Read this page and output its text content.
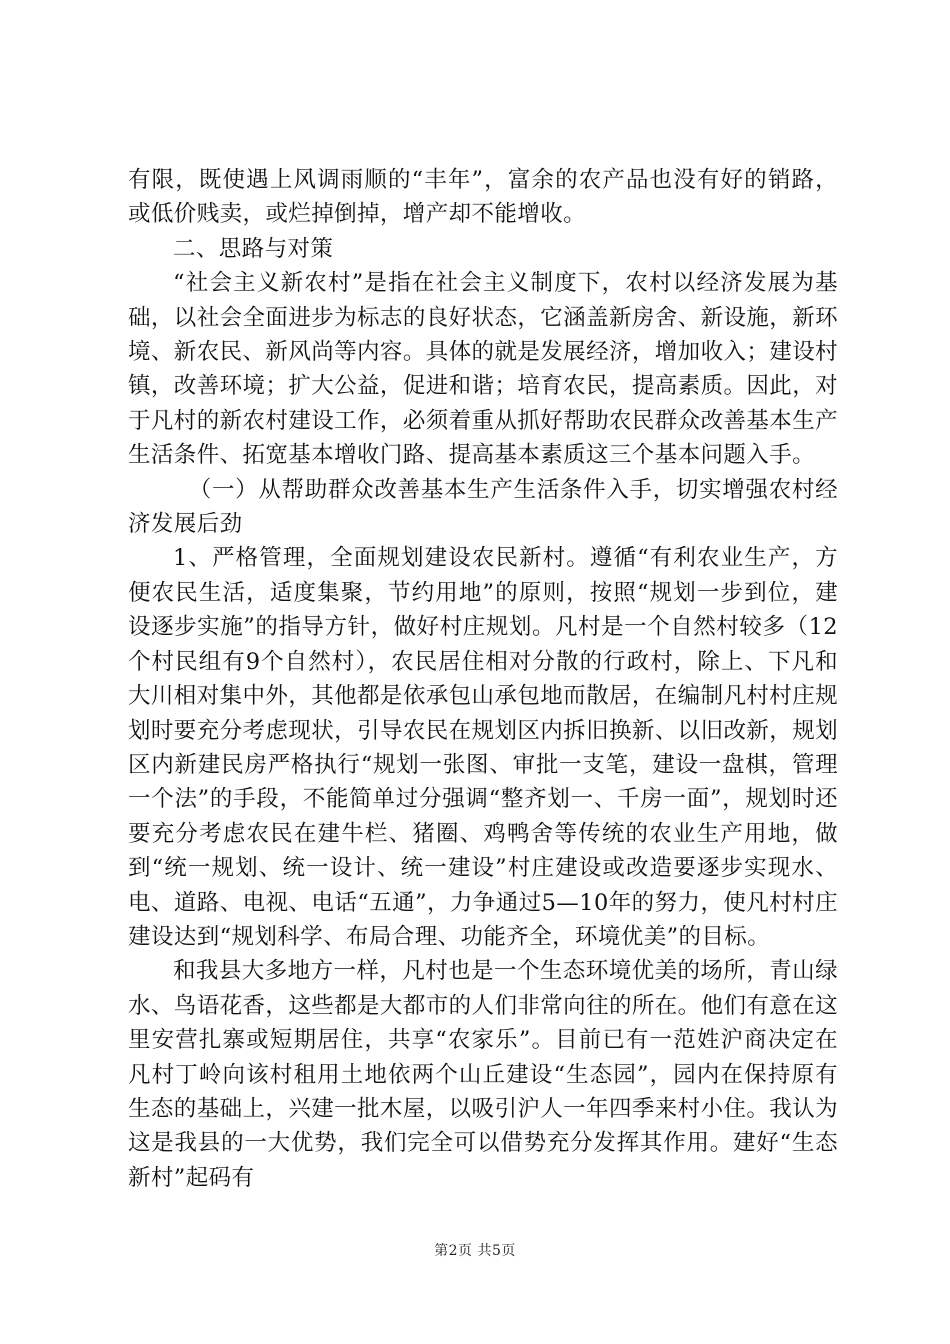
有限，既使遇上风调雨顺的“丰年”，富余的农产品也没有好的销路，或低价贱卖，或烂掉倒掉，增产却不能增收。

二、思路与对策

“社会主义新农村”是指在社会主义制度下，农村以经济发展为基础，以社会全面进步为标志的良好状态，它涵盖新房舍、新设施，新环境、新农民、新风尚等内容。具体的就是发展经济，增加收入；建设村镇，改善环境；扩大公益，促进和谐；培育农民，提高素质。因此，对于凡村的新农村建设工作，必须着重从抓好帮助农民群众改善基本生产生活条件、拓宽基本增收门路、提高基本素质这三个基本问题入手。

（一）从帮助群众改善基本生产生活条件入手，切实增强农村经济发展后劲

1、严格管理，全面规划建设农民新村。遵循“有利农业生产，方便农民生活，适度集聚，节约用地”的原则，按照“规划一步到位，建设逐步实施”的指导方针，做好村庄规划。凡村是一个自然村较多（12个村民组有9个自然村），农民居住相对分散的行政村，除上、下凡和大川相对集中外，其他都是依承包山承包地而散居，在编制凡村村庄规划时要充分考虑现状，引导农民在规划区内拆旧换新、以旧改新，规划区内新建民房严格执行“规划一张图、审批一支笔，建设一盘棋，管理一个法”的手段，不能简单过分强调“整齐划一、千房一面”，规划时还要充分考虑农民在建牛栏、猪圈、鸡鸭舍等传统的农业生产用地，做到“统一规划、统一设计、统一建设”村庄建设或改造要逐步实现水、电、道路、电视、电话“五通”，力争通过5—10年的努力，使凡村村庄建设达到“规划科学、布局合理、功能齐全，环境优美”的目标。

和我县大多地方一样，凡村也是一个生态环境优美的场所，青山绿水、鸟语花香，这些都是大都市的人们非常向往的所在。他们有意在这里安营扎寨或短期居住，共享“农家乐”。目前已有一范姓沪商决定在凡村丁岭向该村租用土地依两个山丘建设“生态园”，园内在保持原有生态的基础上，兴建一批木屋，以吸引沪人一年四季来村小住。我认为这是我县的一大优势，我们完全可以借势充分发挥其作用。建好“生态新村”起码有

第2页 共5页
